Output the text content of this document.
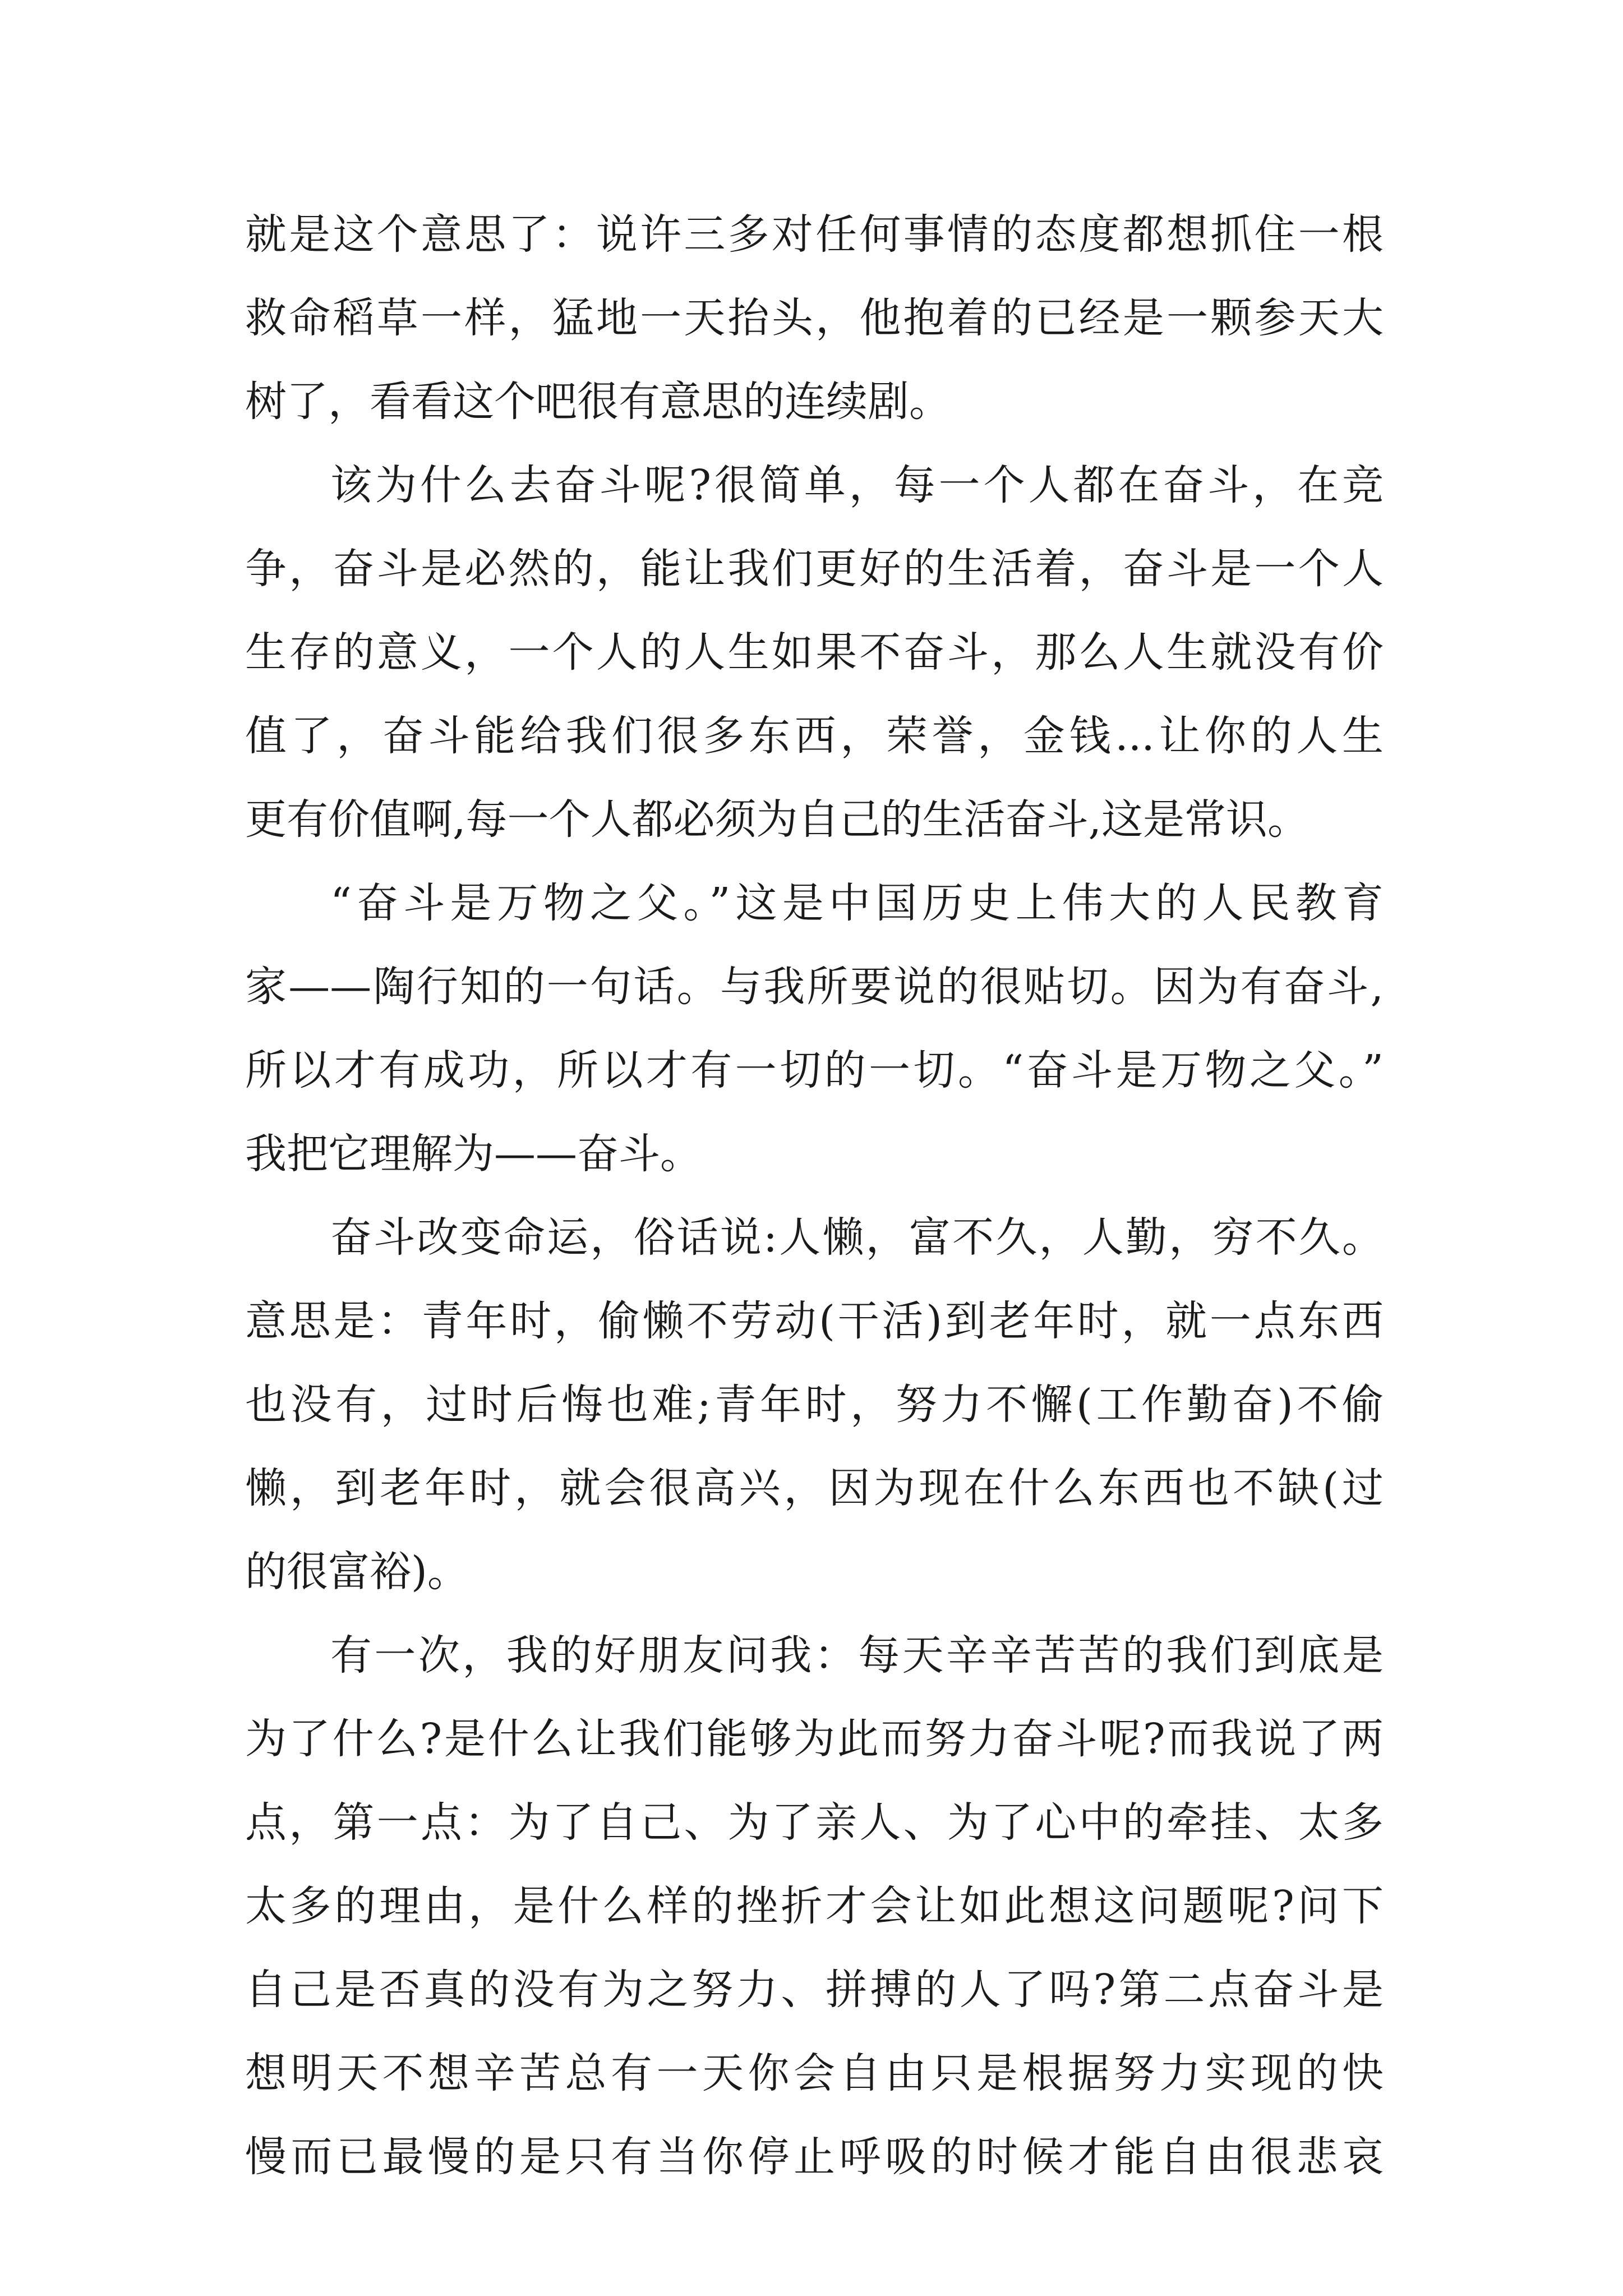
就是这个意思了：说许三多对任何事情的态度都想抓住一根
救命稻草一样，猛地一天抬头，他抱着的已经是一颗参天大
树了，看看这个吧很有意思的连续剧。
该为什么去奋斗呢?很简单，每一个人都在奋斗，在竞
争，奋斗是必然的，能让我们更好的生活着，奋斗是一个人
生存的意义，一个人的人生如果不奋斗，那么人生就没有价
值了，奋斗能给我们很多东西，荣誉，金钱...让你的人生
更有价值啊,每一个人都必须为自己的生活奋斗,这是常识。
“奋斗是万物之父。”这是中国历史上伟大的人民教育
家——陶行知的一句话。与我所要说的很贴切。因为有奋斗,
所以才有成功，所以才有一切的一切。“奋斗是万物之父。”
我把它理解为——奋斗。
奋斗改变命运，俗话说:人懒，富不久，人勤，穷不久。
意思是：青年时，偷懒不劳动(干活)到老年时，就一点东西
也没有，过时后悔也难;青年时，努力不懈(工作勤奋)不偷
懒，到老年时，就会很高兴，因为现在什么东西也不缺(过
的很富裕)。
有一次，我的好朋友问我：每天辛辛苦苦的我们到底是
为了什么?是什么让我们能够为此而努力奋斗呢?而我说了两
点，第一点：为了自己、为了亲人、为了心中的牵挂、太多
太多的理由，是什么样的挫折才会让如此想这问题呢?问下
自己是否真的没有为之努力、拼搏的人了吗?第二点奋斗是
想明天不想辛苦总有一天你会自由只是根据努力实现的快
慢而已最慢的是只有当你停止呼吸的时候才能自由很悲哀
